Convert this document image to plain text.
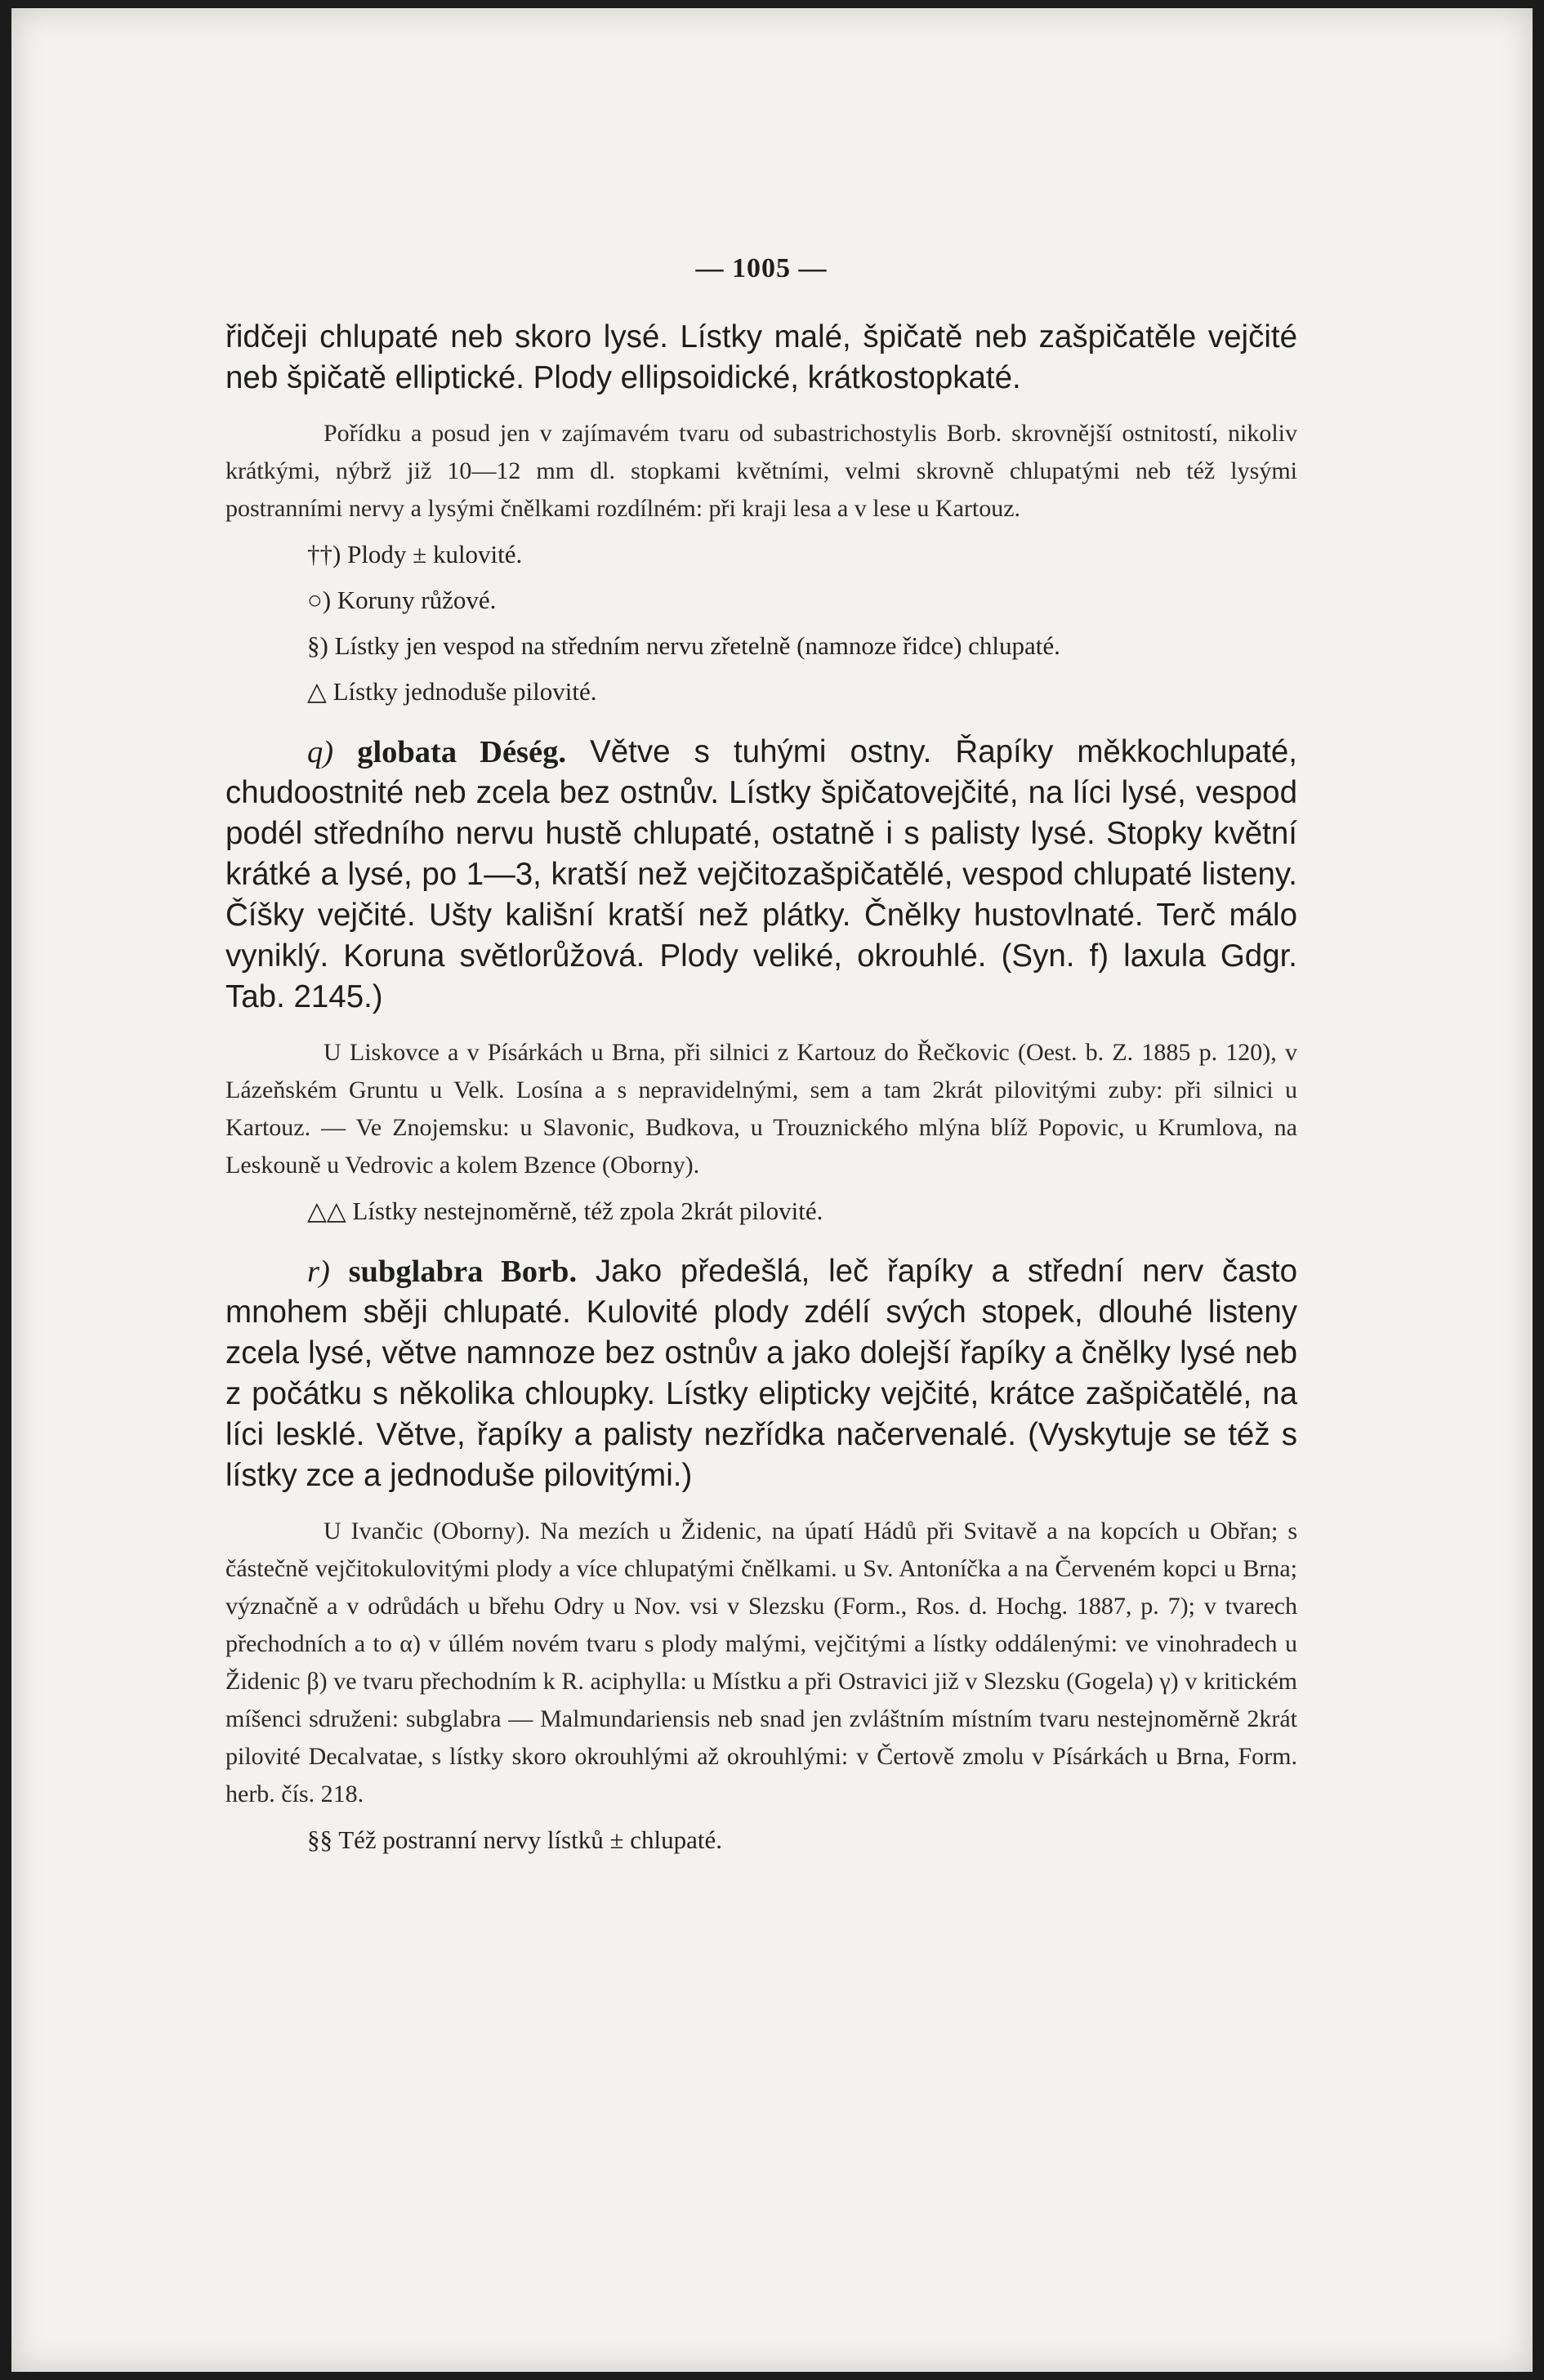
— 1005 —

řidčeji chlupaté neb skoro lysé. Lístky malé, špičatě neb zašpičatěle vejčité neb špičatě elliptické. Plody ellipsoidické, krátkostopkaté.

Pořídku a posud jen v zajímavém tvaru od subastrichostylis Borb. skrovnější ostnitostí, nikoliv krátkými, nýbrž již 10—12 mm dl. stopkami květními, velmi skrovně chlupatými neb též lysými postranními nervy a lysými čnělkami rozdílném: při kraji lesa a v lese u Kartouz.

††) Plody ± kulovité.

○) Koruny růžové.

§) Lístky jen vespod na středním nervu zřetelně (namnoze řidce) chlupaté.

△ Lístky jednoduše pilovité.

q) globata Déség. Větve s tuhými ostny. Řapíky měkkochlupaté, chudoostnité neb zcela bez ostnův. Lístky špičatovejčité, na líci lysé, vespod podél středního nervu hustě chlupaté, ostatně i s palisty lysé. Stopky květní krátké a lysé, po 1—3, kratší než vejčitozašpičatělé, vespod chlupaté listeny. Číšky vejčité. Ušty kališní kratší než plátky. Čnělky hustovlnaté. Terč málo vyniklý. Koruna světlorůžová. Plody veliké, okrouhlé. (Syn. f) laxula Gdgr. Tab. 2145.)

U Liskovce a v Písárkách u Brna, při silnici z Kartouz do Řečkovic (Oest. b. Z. 1885 p. 120), v Lázeňském Gruntu u Velk. Losína a s nepravidelnými, sem a tam 2krát pilovitými zuby: při silnici u Kartouz. — Ve Znojemsku: u Slavonic, Budkova, u Trouznického mlýna blíž Popovic, u Krumlova, na Leskouně u Vedrovic a kolem Bzence (Oborny).

△△ Lístky nestejnoměrně, též zpola 2krát pilovité.

r) subglabra Borb. Jako předešlá, leč řapíky a střední nerv často mnohem sběji chlupaté. Kulovité plody zdélí svých stopek, dlouhé listeny zcela lysé, větve namnoze bez ostnův a jako dolejší řapíky a čnělky lysé neb z počátku s několika chloupky. Lístky elipticky vejčité, krátce zašpičatělé, na líci lesklé. Větve, řapíky a palisty nezřídka načervenalé. (Vyskytuje se též s lístky zce a jednoduše pilovitými.)

U Ivančic (Oborny). Na mezích u Židenic, na úpatí Hádů při Svitavě a na kopcích u Obřan; s částečně vejčitokulovitými plody a více chlupatými čnělkami. u Sv. Antoníčka a na Červeném kopci u Brna; význačně a v odrůdách u břehu Odry u Nov. vsi v Slezsku (Form., Ros. d. Hochg. 1887, p. 7); v tvarech přechodních a to α) v úllém novém tvaru s plody malými, vejčitými a lístky oddálenými: ve vinohradech u Židenic β) ve tvaru přechodním k R. aciphylla: u Místku a při Ostravici již v Slezsku (Gogela) γ) v kritickém míšenci sdruženi: subglabra — Malmundariensis neb snad jen zvláštním místním tvaru nestejnoměrně 2krát pilovité Decalvatae, s lístky skoro okrouhlými až okrouhlými: v Čertově zmolu v Písárkách u Brna, Form. herb. čís. 218.

§§ Též postranní nervy lístků ± chlupaté.
